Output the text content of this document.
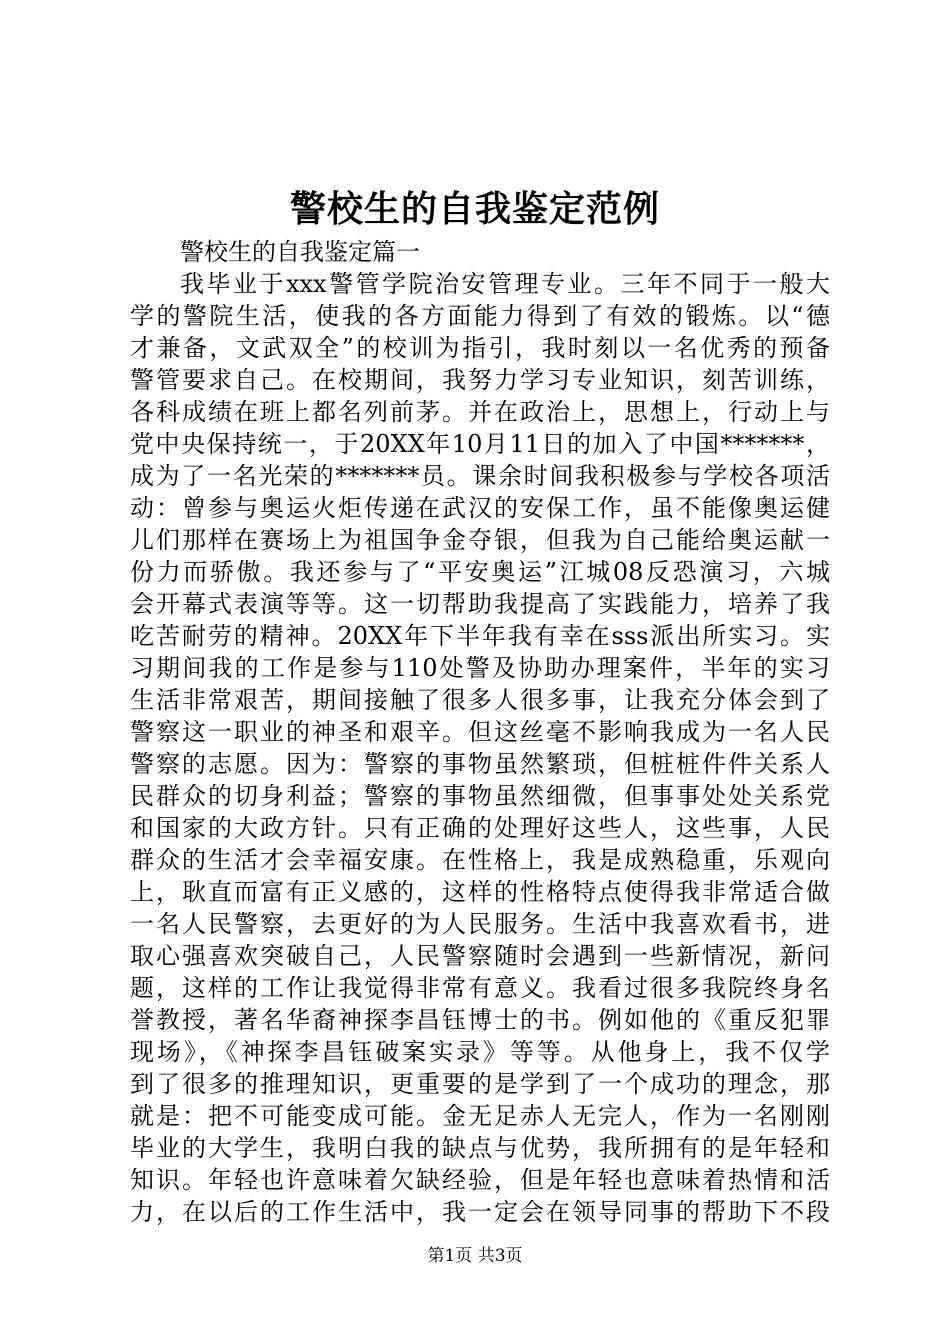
警校生的自我鉴定范例

警校生的自我鉴定篇一

我毕业于xxx警管学院治安管理专业。三年不同于一般大
学的警院生活，使我的各方面能力得到了有效的锻炼。以“德
才兼备，文武双全”的校训为指引，我时刻以一名优秀的预备
警管要求自己。在校期间，我努力学习专业知识，刻苦训练，
各科成绩在班上都名列前茅。并在政治上，思想上，行动上与
党中央保持统一，于20XX年10月11日的加入了中国*******，
成为了一名光荣的*******员。课余时间我积极参与学校各项活
动：曾参与奥运火炬传递在武汉的安保工作，虽不能像奥运健
儿们那样在赛场上为祖国争金夺银，但我为自己能给奥运献一
份力而骄傲。我还参与了“平安奥运”江城08反恐演习，六城
会开幕式表演等等。这一切帮助我提高了实践能力，培养了我
吃苦耐劳的精神。20XX年下半年我有幸在sss派出所实习。实
习期间我的工作是参与110处警及协助办理案件，半年的实习
生活非常艰苦，期间接触了很多人很多事，让我充分体会到了
警察这一职业的神圣和艰辛。但这丝毫不影响我成为一名人民
警察的志愿。因为：警察的事物虽然繁琐，但桩桩件件关系人
民群众的切身利益；警察的事物虽然细微，但事事处处关系党
和国家的大政方针。只有正确的处理好这些人，这些事，人民
群众的生活才会幸福安康。在性格上，我是成熟稳重，乐观向
上，耿直而富有正义感的，这样的性格特点使得我非常适合做
一名人民警察，去更好的为人民服务。生活中我喜欢看书，进
取心强喜欢突破自己，人民警察随时会遇到一些新情况，新问
题，这样的工作让我觉得非常有意义。我看过很多我院终身名
誉教授，著名华裔神探李昌钰博士的书。例如他的《重反犯罪
现场》，《神探李昌钰破案实录》等等。从他身上，我不仅学
到了很多的推理知识，更重要的是学到了一个成功的理念，那
就是：把不可能变成可能。金无足赤人无完人，作为一名刚刚
毕业的大学生，我明白我的缺点与优势，我所拥有的是年轻和
知识。年轻也许意味着欠缺经验，但是年轻也意味着热情和活
力，在以后的工作生活中，我一定会在领导同事的帮助下不段

第1页 共3页
